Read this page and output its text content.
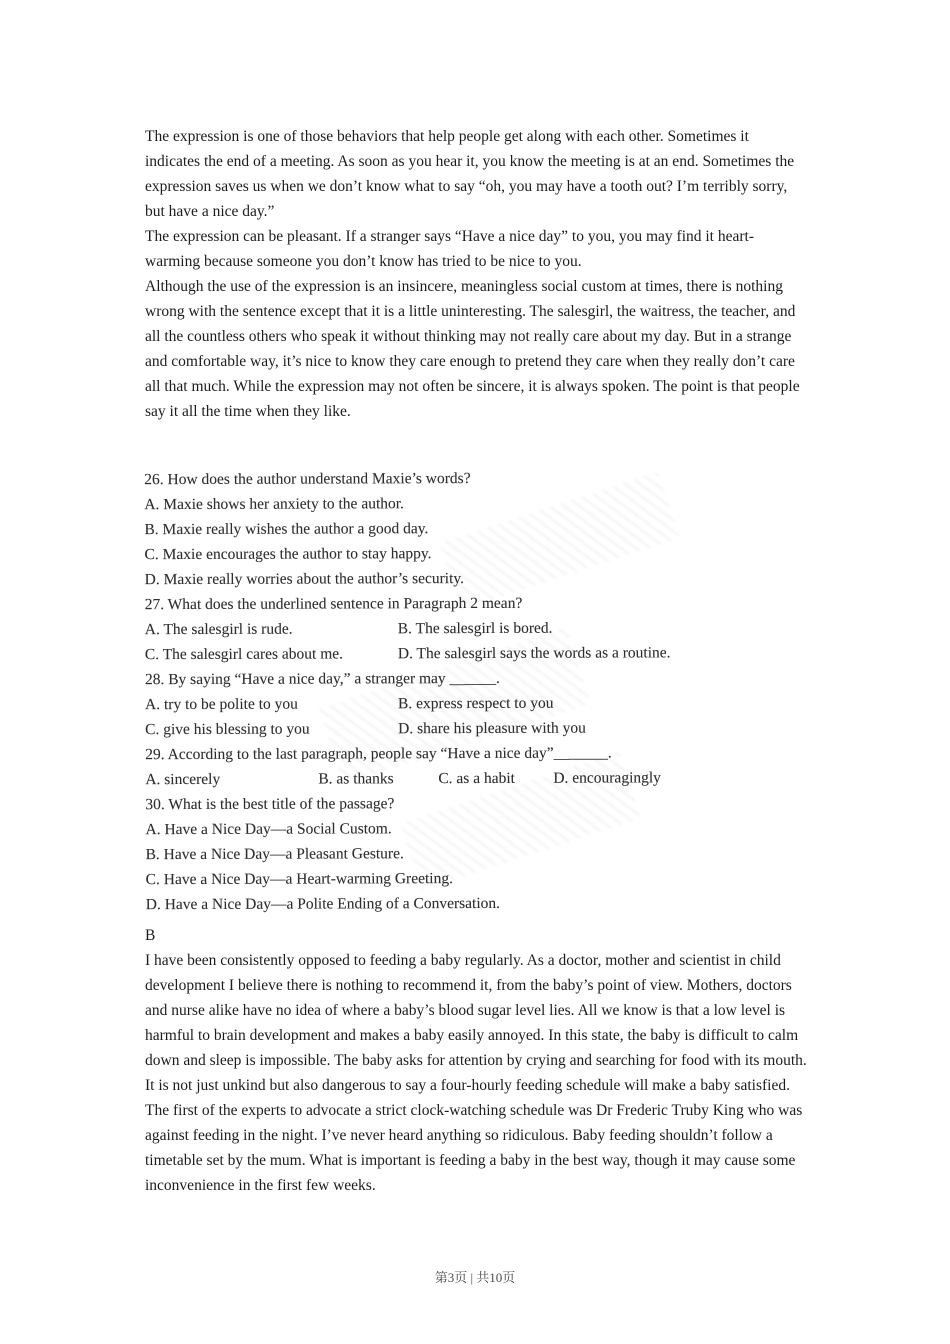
The expression is one of those behaviors that help people get along with each other. Sometimes it indicates the end of a meeting. As soon as you hear it, you know the meeting is at an end. Sometimes the expression saves us when we don’t know what to say “oh, you may have a tooth out? I’m terribly sorry, but have a nice day.”

The expression can be pleasant. If a stranger says “Have a nice day” to you, you may find it heart-warming because someone you don’t know has tried to be nice to you.

Although the use of the expression is an insincere, meaningless social custom at times, there is nothing wrong with the sentence except that it is a little uninteresting. The salesgirl, the waitress, the teacher, and all the countless others who speak it without thinking may not really care about my day. But in a strange and comfortable way, it’s nice to know they care enough to pretend they care when they really don’t care all that much. While the expression may not often be sincere, it is always spoken. The point is that people say it all the time when they like.

26. How does the author understand Maxie’s words?
A. Maxie shows her anxiety to the author.
B. Maxie really wishes the author a good day.
C. Maxie encourages the author to stay happy.
D. Maxie really worries about the author’s security.
27. What does the underlined sentence in Paragraph 2 mean?
A. The salesgirl is rude.	B. The salesgirl is bored.
C. The salesgirl cares about me.	D. The salesgirl says the words as a routine.
28. By saying “Have a nice day,” a stranger may ______.
A. try to be polite to you	B. express respect to you
C. give his blessing to you	D. share his pleasure with you
29. According to the last paragraph, people say “Have a nice day”_______.
A. sincerely	B. as thanks	C. as a habit	D. encouragingly
30. What is the best title of the passage?
A. Have a Nice Day—a Social Custom.
B. Have a Nice Day—a Pleasant Gesture.
C. Have a Nice Day—a Heart-warming Greeting.
D. Have a Nice Day—a Polite Ending of a Conversation.
B

I have been consistently opposed to feeding a baby regularly. As a doctor, mother and scientist in child development I believe there is nothing to recommend it, from the baby’s point of view. Mothers, doctors and nurse alike have no idea of where a baby’s blood sugar level lies. All we know is that a low level is harmful to brain development and makes a baby easily annoyed. In this state, the baby is difficult to calm down and sleep is impossible. The baby asks for attention by crying and searching for food with its mouth.

It is not just unkind but also dangerous to say a four-hourly feeding schedule will make a baby satisfied. The first of the experts to advocate a strict clock-watching schedule was Dr Frederic Truby King who was against feeding in the night. I’ve never heard anything so ridiculous. Baby feeding shouldn’t follow a timetable set by the mum. What is important is feeding a baby in the best way, though it may cause some inconvenience in the first few weeks.

第3页 | 共10页
